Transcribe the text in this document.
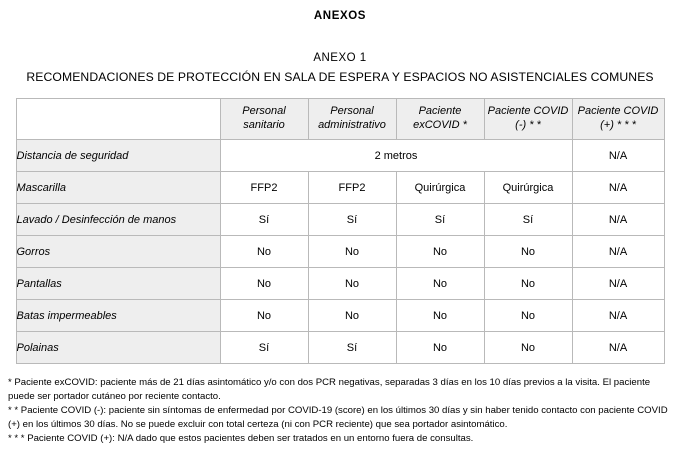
ANEXOS
ANEXO 1
RECOMENDACIONES DE PROTECCIÓN EN SALA DE ESPERA Y ESPACIOS NO ASISTENCIALES COMUNES
	Personal sanitario	Personal administrativo	Paciente exCOVID *	Paciente COVID (-) * *	Paciente COVID (+) * * *
Distancia de seguridad	2 metros				N/A
Mascarilla	FFP2	FFP2	Quirúrgica	Quirúrgica	N/A
Lavado / Desinfección de manos	Sí	Sí	Sí	Sí	N/A
Gorros	No	No	No	No	N/A
Pantallas	No	No	No	No	N/A
Batas impermeables	No	No	No	No	N/A
Polainas	Sí	Sí	No	No	N/A

* Paciente exCOVID: paciente más de 21 días asintomático y/o con dos PCR negativas, separadas 3 días en los 10 días previos a la visita. El paciente puede ser portador cutáneo por reciente contacto.

* * Paciente COVID (-): paciente sin síntomas de enfermedad por COVID-19 (score) en los últimos 30 días y sin haber tenido contacto con paciente COVID (+) en los últimos 30 días. No se puede excluir con total certeza (ni con PCR reciente) que sea portador asintomático.

* * * Paciente COVID (+): N/A dado que estos pacientes deben ser tratados en un entorno fuera de consultas.
